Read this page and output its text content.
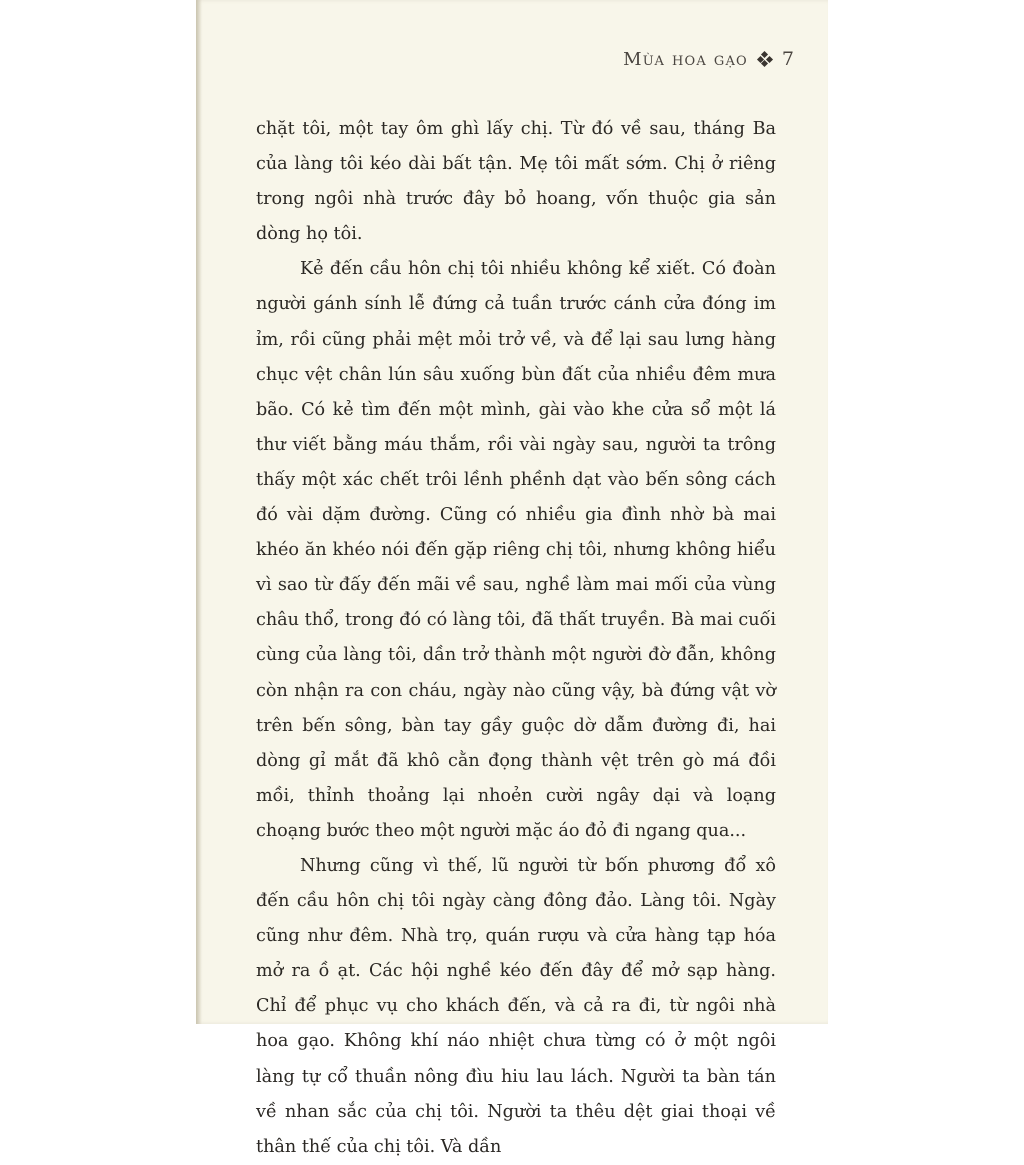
Mùa hoa gạo 7

chặt tôi, một tay ôm ghì lấy chị. Từ đó về sau, tháng Ba của làng tôi kéo dài bất tận. Mẹ tôi mất sớm. Chị ở riêng trong ngôi nhà trước đây bỏ hoang, vốn thuộc gia sản dòng họ tôi.

Kẻ đến cầu hôn chị tôi nhiều không kể xiết. Có đoàn người gánh sính lễ đứng cả tuần trước cánh cửa đóng im ỉm, rồi cũng phải mệt mỏi trở về, và để lại sau lưng hàng chục vệt chân lún sâu xuống bùn đất của nhiều đêm mưa bão. Có kẻ tìm đến một mình, gài vào khe cửa sổ một lá thư viết bằng máu thắm, rồi vài ngày sau, người ta trông thấy một xác chết trôi lềnh phềnh dạt vào bến sông cách đó vài dặm đường. Cũng có nhiều gia đình nhờ bà mai khéo ăn khéo nói đến gặp riêng chị tôi, nhưng không hiểu vì sao từ đấy đến mãi về sau, nghề làm mai mối của vùng châu thổ, trong đó có làng tôi, đã thất truyền. Bà mai cuối cùng của làng tôi, dần trở thành một người đờ đẫn, không còn nhận ra con cháu, ngày nào cũng vậy, bà đứng vật vờ trên bến sông, bàn tay gầy guộc dờ dẫm đường đi, hai dòng gỉ mắt đã khô cằn đọng thành vệt trên gò má đồi mồi, thỉnh thoảng lại nhoẻn cười ngây dại và loạng choạng bước theo một người mặc áo đỏ đi ngang qua...

Nhưng cũng vì thế, lũ người từ bốn phương đổ xô đến cầu hôn chị tôi ngày càng đông đảo. Làng tôi. Ngày cũng như đêm. Nhà trọ, quán rượu và cửa hàng tạp hóa mở ra ồ ạt. Các hội nghề kéo đến đây để mở sạp hàng. Chỉ để phục vụ cho khách đến, và cả ra đi, từ ngôi nhà hoa gạo. Không khí náo nhiệt chưa từng có ở một ngôi làng tự cổ thuần nông đìu hiu lau lách. Người ta bàn tán về nhan sắc của chị tôi. Người ta thêu dệt giai thoại về thân thế của chị tôi. Và dần
